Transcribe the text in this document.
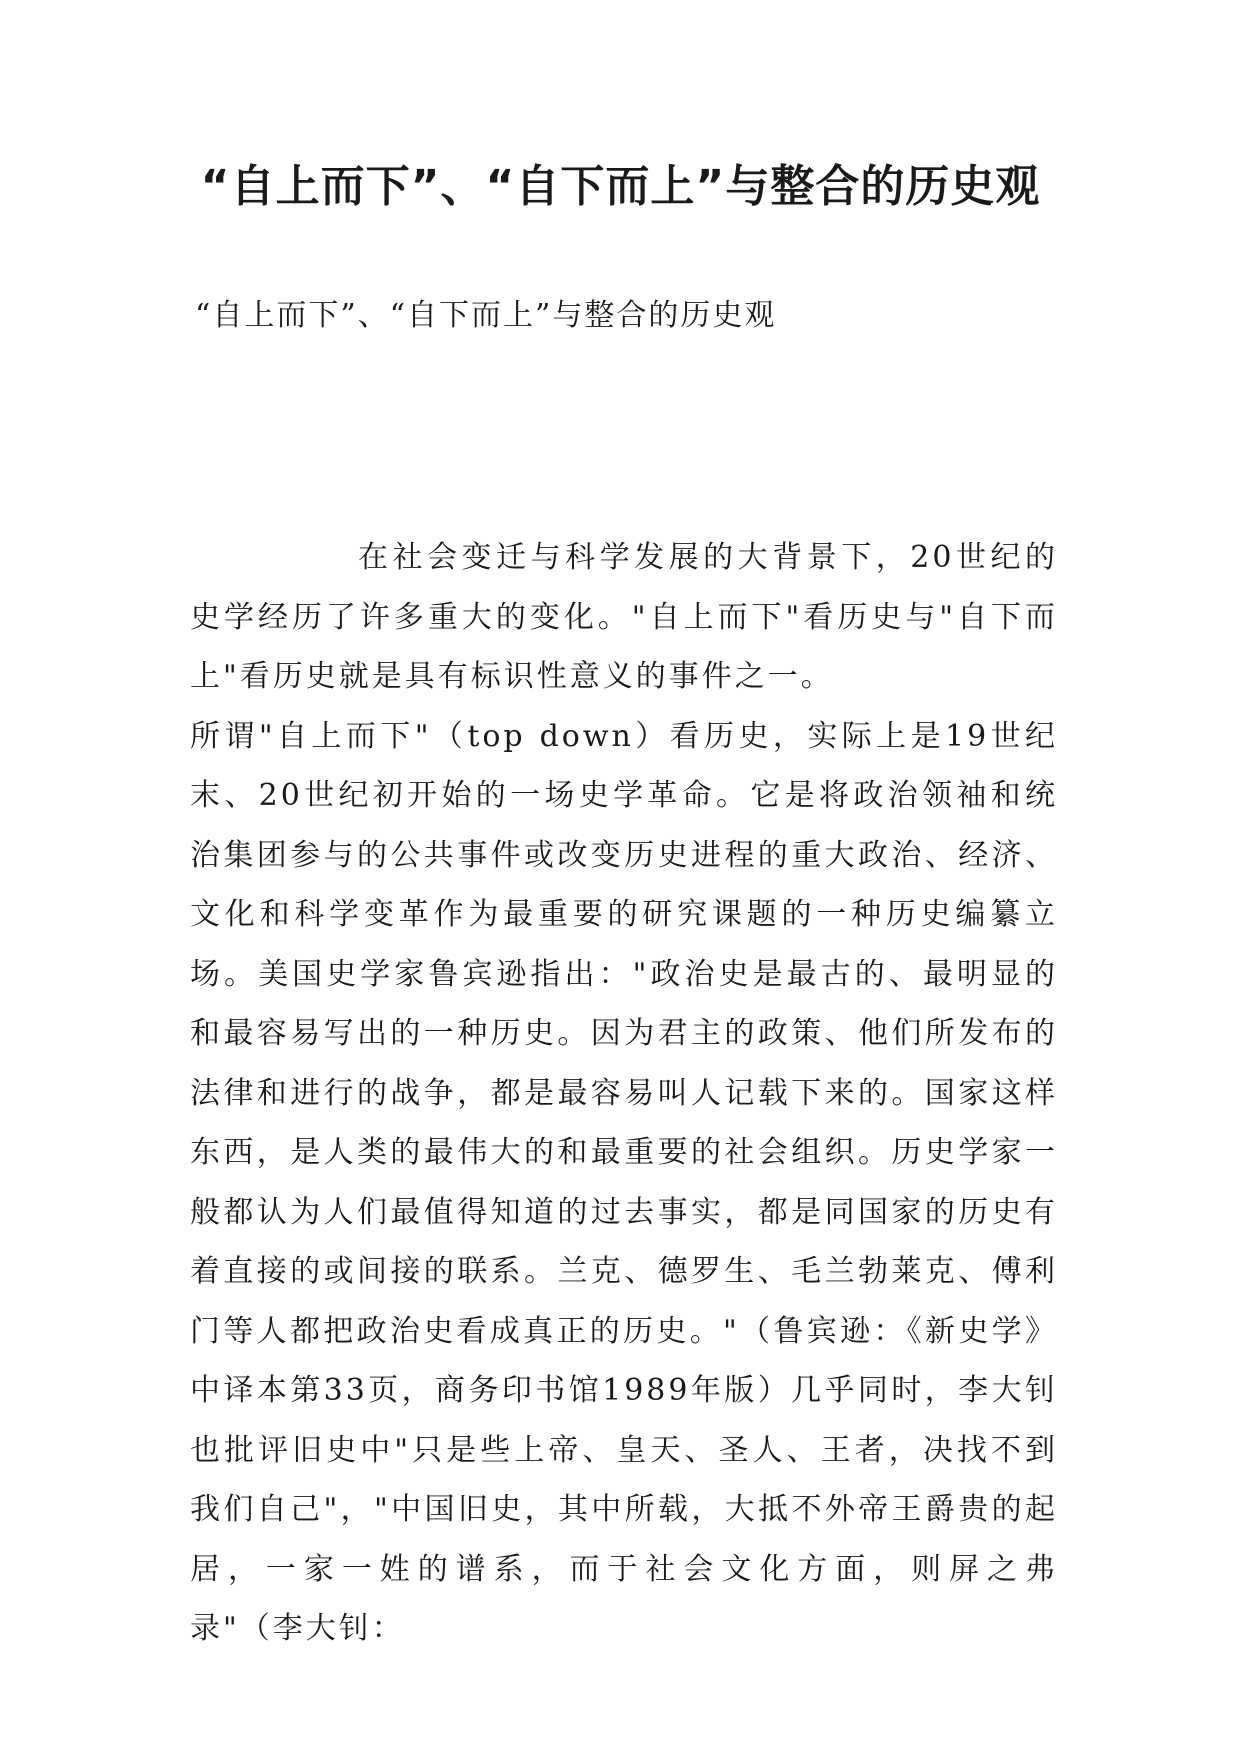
“自上而下”、“自下而上”与整合的历史观

“自上而下”、“自下而上”与整合的历史观

在社会变迁与科学发展的大背景下，20世纪的史学经历了许多重大的变化。"自上而下"看历史与"自下而上"看历史就是具有标识性意义的事件之一。

所谓"自上而下"（top down）看历史，实际上是19世纪末、20世纪初开始的一场史学革命。它是将政治领袖和统治集团参与的公共事件或改变历史进程的重大政治、经济、文化和科学变革作为最重要的研究课题的一种历史编纂立场。美国史学家鲁宾逊指出："政治史是最古的、最明显的和最容易写出的一种历史。因为君主的政策、他们所发布的法律和进行的战争，都是最容易叫人记载下来的。国家这样东西，是人类的最伟大的和最重要的社会组织。历史学家一般都认为人们最值得知道的过去事实，都是同国家的历史有着直接的或间接的联系。兰克、德罗生、毛兰勃莱克、傅利门等人都把政治史看成真正的历史。"（鲁宾逊：《新史学》中译本第33页，商务印书馆1989年版）几乎同时，李大钊也批评旧史中"只是些上帝、皇天、圣人、王者，决找不到我们自己"，"中国旧史，其中所载，大抵不外帝王爵贵的起居，一家一姓的谱系，而于社会文化方面，则屏之弗录"（李大钊：
